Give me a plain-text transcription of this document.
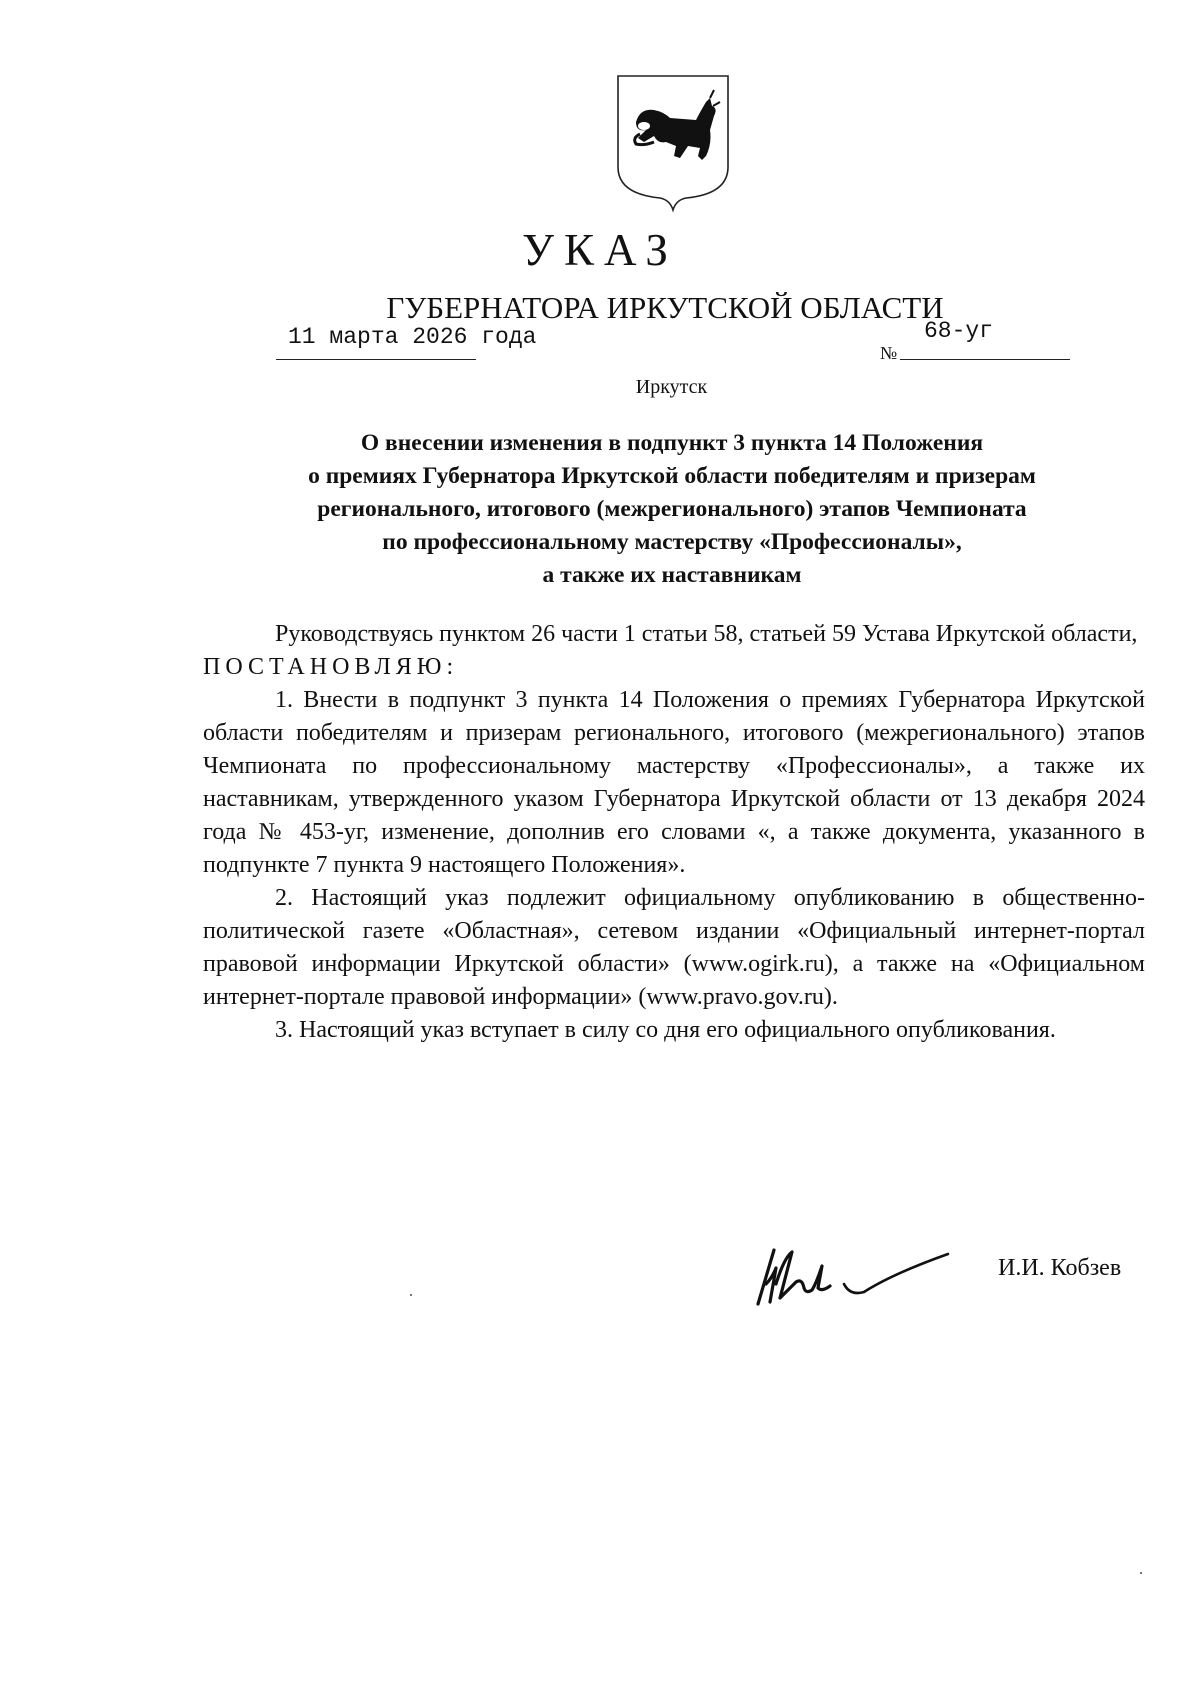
УКАЗ
ГУБЕРНАТОРА ИРКУТСКОЙ ОБЛАСТИ
11 марта 2026 года
№
68-уг
Иркутск
О внесении изменения в подпункт 3 пункта 14 Положения
о премиях Губернатора Иркутской области победителям и призерам
регионального, итогового (межрегионального) этапов Чемпионата
по профессиональному мастерству «Профессионалы»,
а также их наставникам

Руководствуясь пунктом 26 части 1 статьи 58, статьей 59 Устава Иркутской области,

ПОСТАНОВЛЯЮ:

1. Внести в подпункт 3 пункта 14 Положения о премиях Губернатора Иркутской области победителям и призерам регионального, итогового (межрегионального) этапов Чемпионата по профессиональному мастерству «Профессионалы», а также их наставникам, утвержденного указом Губернатора Иркутской области от 13 декабря 2024 года № 453-уг, изменение, дополнив его словами «, а также документа, указанного в подпункте 7 пункта 9 настоящего Положения».

2. Настоящий указ подлежит официальному опубликованию в общественно-политической газете «Областная», сетевом издании «Официальный интернет-портал правовой информации Иркутской области» (www.ogirk.ru), а также на «Официальном интернет-портале правовой информации» (www.pravo.gov.ru).

3. Настоящий указ вступает в силу со дня его официального опубликования.

И.И. Кобзев
